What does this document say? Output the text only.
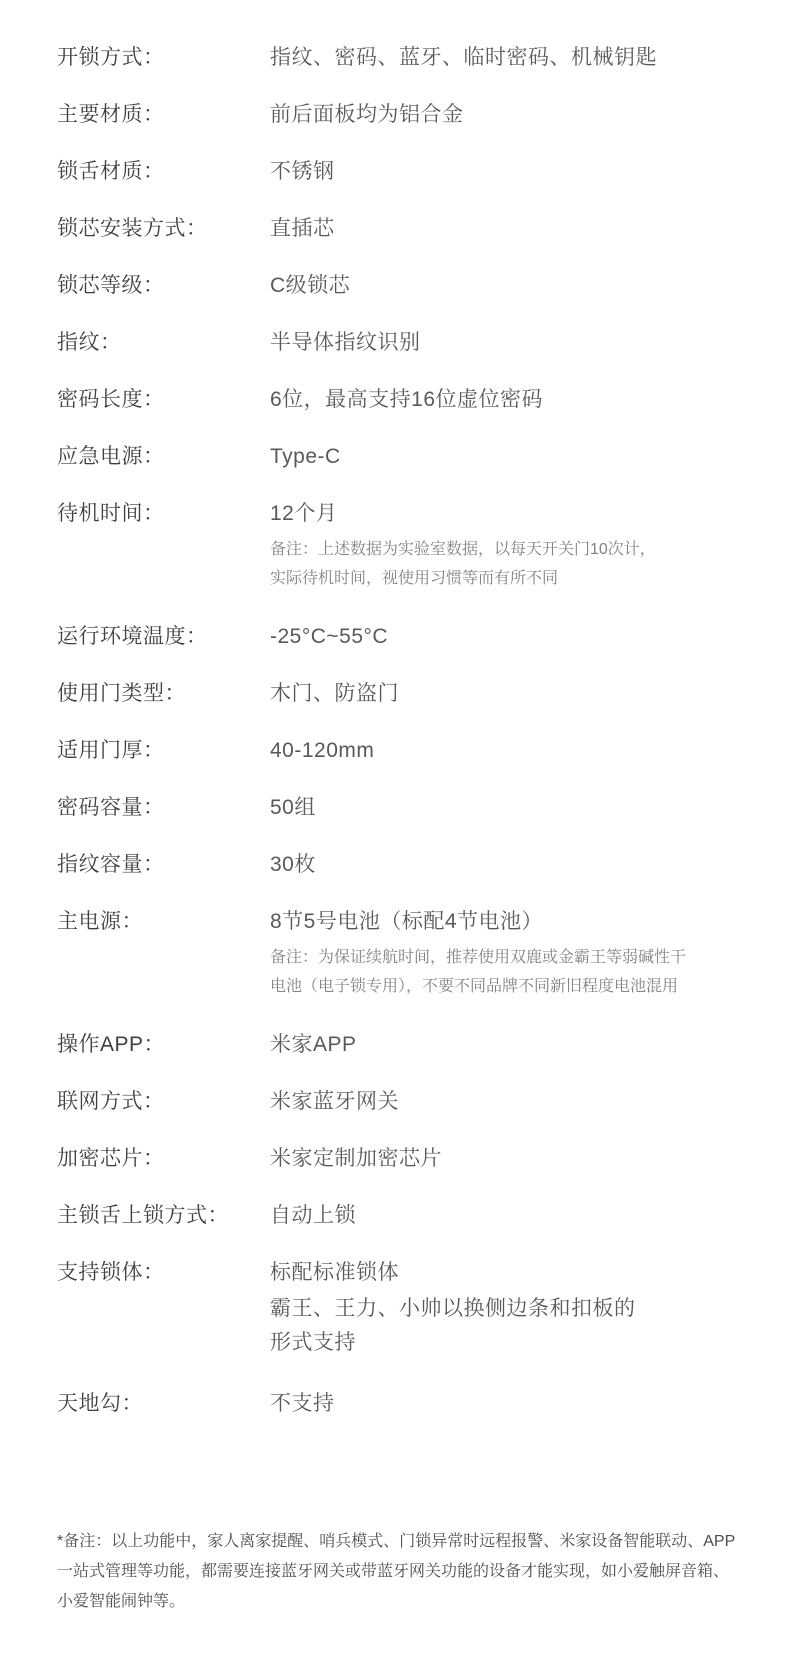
开锁方式：	指纹、密码、蓝牙、临时密码、机械钥匙
主要材质：	前后面板均为铝合金
锁舌材质：	不锈钢
锁芯安装方式：	直插芯
锁芯等级：	C级锁芯
指纹：	半导体指纹识别
密码长度：	6位，最高支持16位虚位密码
应急电源：	Type-C
待机时间：	12个月
备注：上述数据为实验室数据，以每天开关门10次计，
实际待机时间，视使用习惯等而有所不同
运行环境温度：	-25°C~55°C
使用门类型：	木门、防盗门
适用门厚：	40-120mm
密码容量：	50组
指纹容量：	30枚
主电源：	8节5号电池（标配4节电池）
备注：为保证续航时间，推荐使用双鹿或金霸王等弱碱性干
电池（电子锁专用），不要不同品牌不同新旧程度电池混用
操作APP：	米家APP
联网方式：	米家蓝牙网关
加密芯片：	米家定制加密芯片
主锁舌上锁方式：	自动上锁
支持锁体：	标配标准锁体
霸王、王力、小帅以换侧边条和扣板的
形式支持
天地勾：	不支持
*备注：以上功能中，家人离家提醒、哨兵模式、门锁异常时远程报警、米家设备智能联动、APP
一站式管理等功能，都需要连接蓝牙网关或带蓝牙网关功能的设备才能实现，如小爱触屏音箱、
小爱智能闹钟等。
